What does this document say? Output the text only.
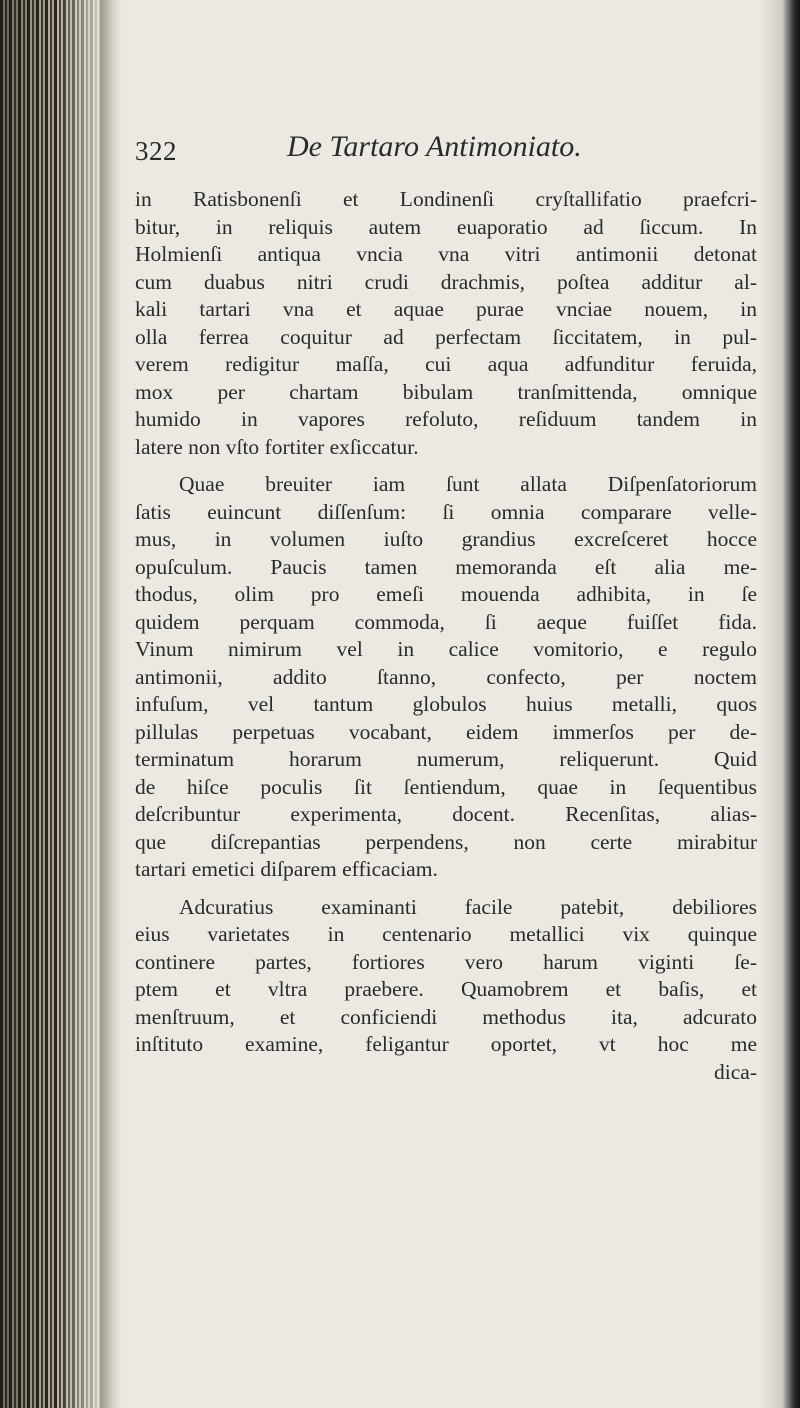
322	De Tartaro Antimoniato.
in Ratisbonenſi et Londinenſi cryſtallifatio praefcri-
bitur, in reliquis autem euaporatio ad ſiccum. In
Holmienſi antiqua vncia vna vitri antimonii detonat
cum duabus nitri crudi drachmis, poſtea additur al-
kali tartari vna et aquae purae vnciae nouem, in
olla ferrea coquitur ad perfectam ſiccitatem, in pul-
verem redigitur maſſa, cui aqua adfunditur feruida,
mox per chartam bibulam tranſmittenda, omnique
humido in vapores refoluto, reſiduum tandem in
latere non vſto fortiter exſiccatur.
Quae breuiter iam ſunt allata Diſpenſatoriorum
ſatis euincunt diſſenſum: ſi omnia comparare velle-
mus, in volumen iuſto grandius excreſceret hocce
opuſculum. Paucis tamen memoranda eſt alia me-
thodus, olim pro emeſi mouenda adhibita, in ſe
quidem perquam commoda, ſi aeque fuiſſet fida.
Vinum nimirum vel in calice vomitorio, e regulo
antimonii, addito ſtanno, confecto, per noctem
infuſum, vel tantum globulos huius metalli, quos
pillulas perpetuas vocabant, eidem immerſos per de-
terminatum horarum numerum, reliquerunt. Quid
de hiſce poculis ſit ſentiendum, quae in ſequentibus
deſcribuntur experimenta, docent. Recenſitas, alias-
que diſcrepantias perpendens, non certe mirabitur
tartari emetici diſparem efficaciam.
Adcuratius examinanti facile patebit, debiliores
eius varietates in centenario metallici vix quinque
continere partes, fortiores vero harum viginti ſe-
ptem et vltra praebere. Quamobrem et baſis, et
menſtruum, et conficiendi methodus ita, adcurato
inſtituto examine, feligantur oportet, vt hoc me
dica-
